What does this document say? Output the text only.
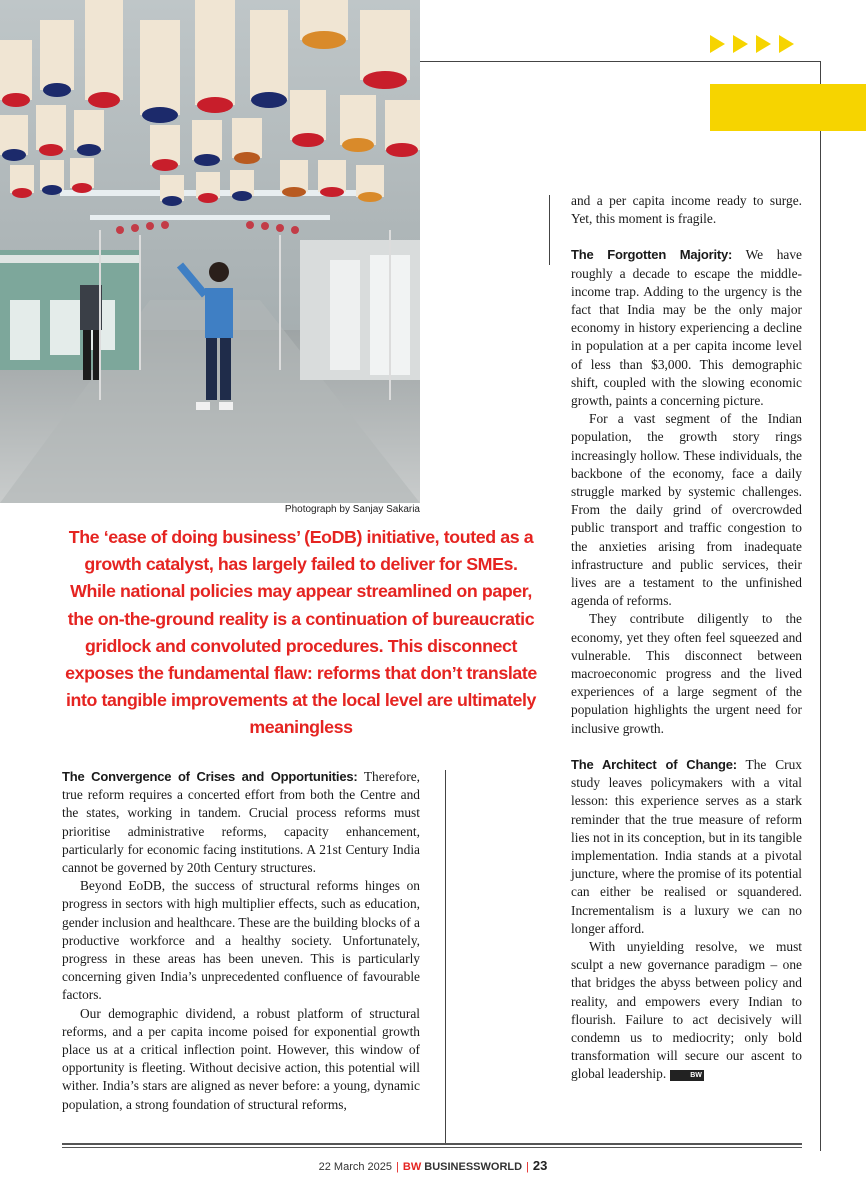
Photograph by Sanjay Sakaria

The ‘ease of doing business’ (EoDB) initiative, touted as a growth catalyst, has largely failed to deliver for SMEs. While national policies may appear streamlined on paper, the on-the-ground reality is a continuation of bureaucratic gridlock and convoluted procedures. This disconnect exposes the fundamental flaw: reforms that don’t translate into tangible improvements at the local level are ultimately meaningless

The Convergence of Crises and Opportunities: Therefore, true reform requires a concerted effort from both the Centre and the states, working in tandem. Crucial process reforms must prioritise administrative reforms, capacity enhancement, particularly for economic facing institutions. A 21st Century India cannot be governed by 20th Century structures.

Beyond EoDB, the success of structural reforms hinges on progress in sectors with high multiplier effects, such as education, gender inclusion and healthcare. These are the building blocks of a productive workforce and a healthy society. Unfortunately, progress in these areas has been uneven. This is particularly concerning given India’s unprecedented confluence of favourable factors.

Our demographic dividend, a robust platform of structural reforms, and a per capita income poised for exponential growth place us at a critical inflection point. However, this window of opportunity is fleeting. Without decisive action, this potential will wither. India’s stars are aligned as never before: a young, dynamic population, a strong foundation of structural reforms,

and a per capita income ready to surge. Yet, this moment is fragile.

The Forgotten Majority: We have roughly a decade to escape the middle-income trap. Adding to the urgency is the fact that India may be the only major economy in history experiencing a decline in population at a per capita income level of less than $3,000. This demographic shift, coupled with the slowing economic growth, paints a concerning picture.

For a vast segment of the Indian population, the growth story rings increasingly hollow. These individuals, the backbone of the economy, face a daily struggle marked by systemic challenges. From the daily grind of overcrowded public transport and traffic congestion to the anxieties arising from inadequate infrastructure and public services, their lives are a testament to the unfinished agenda of reforms.

They contribute diligently to the economy, yet they often feel squeezed and vulnerable. This disconnect between macroeconomic progress and the lived experiences of a large segment of the population highlights the urgent need for inclusive growth.

The Architect of Change: The Crux study leaves policymakers with a vital lesson: this experience serves as a stark reminder that the true measure of reform lies not in its conception, but in its tangible implementation. India stands at a pivotal juncture, where the promise of its potential can either be realised or squandered. Incrementalism is a luxury we can no longer afford.

With unyielding resolve, we must sculpt a new governance paradigm – one that bridges the abyss between policy and reality, and empowers every Indian to flourish. Failure to act decisively will condemn us to mediocrity; only bold transformation will secure our ascent to global leadership.	BW

22 March 2025 | BW BUSINESSWORLD | 23
